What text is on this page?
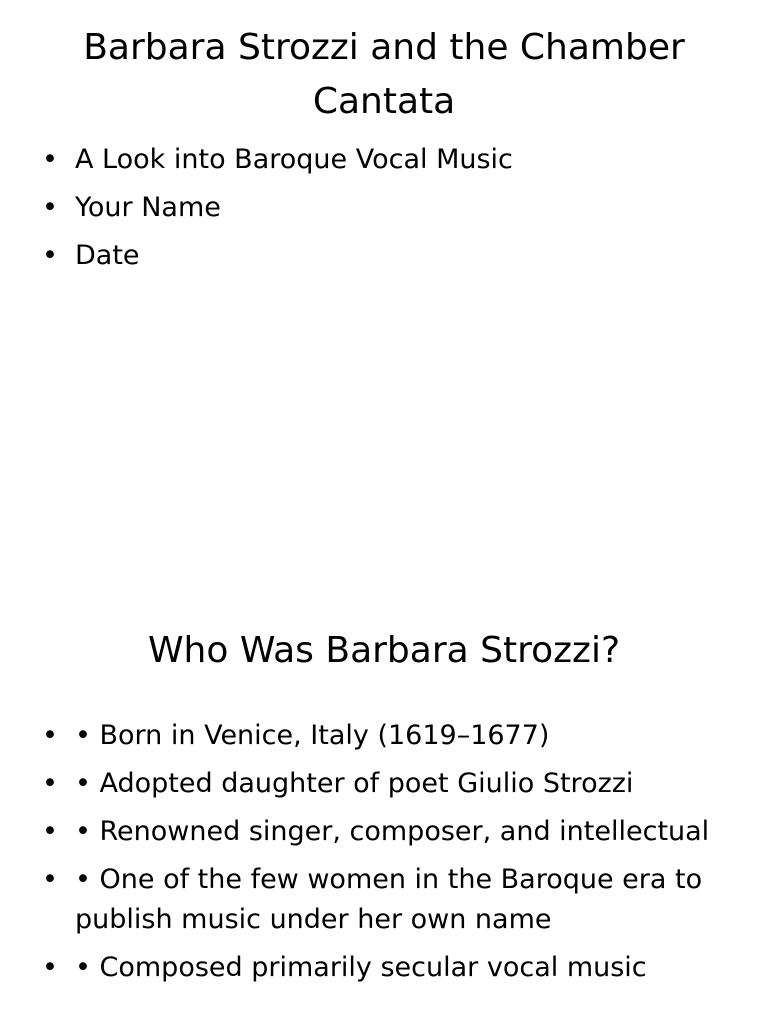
Barbara Strozzi and the Chamber Cantata
• A Look into Baroque Vocal Music
• Your Name
• Date
Who Was Barbara Strozzi?
• • Born in Venice, Italy (1619–1677)
• • Adopted daughter of poet Giulio Strozzi
• • Renowned singer, composer, and intellectual
• • One of the few women in the Baroque era to publish music under her own name
• • Composed primarily secular vocal music
